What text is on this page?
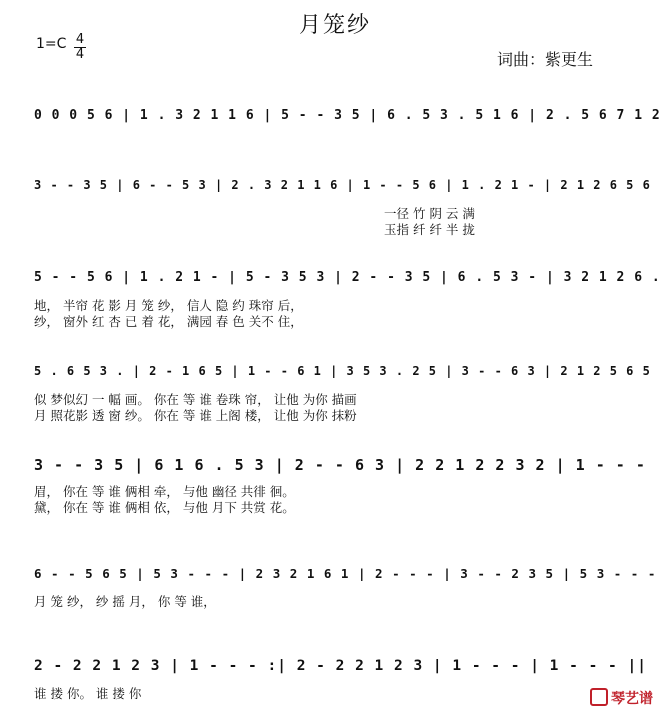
月笼纱
1=C 4
4	词曲：紫更生
0 0 0 5 6 | 1 . 3 2 1 1 6 | 5 - - 3 5 | 6 . 5 3 . 5 1 6 | 2 . 5 6 7 1 2
3 - - 3 5 | 6 - - 5 3 | 2 . 3 2 1 1 6 | 1 - - 5 6 | 1 . 2 1 - | 2 1 2 6 5 6
一径 竹 阴 云 满
玉指 纤 纤 半 拢
5 - - 5 6 | 1 . 2 1 - | 5 - 3 5 3 | 2 - - 3 5 | 6 . 5 3 - | 3 2 1 2 6 .
地， 半帘 花 影 月 笼 纱， 信人 隐 约 珠帘 后，
纱， 窗外 红 杏 已 着 花， 满园 春 色 关不 住，
5 . 6 5 3 . | 2 - 1 6 5 | 1 - - 6 1 | 3 5 3 . 2 5 | 3 - - 6 3 | 2 1 2 5 6 5
似 梦似幻 一 幅 画。 你在 等 谁 卷珠 帘， 让他 为你 描画
月 照花影 透 窗 纱。 你在 等 谁 上阁 楼， 让他 为你 抹粉
3 - - 3 5 | 6 1 6 . 5 3 | 2 - - 6 3 | 2 2 1 2 2 3 2 | 1 - - -
眉， 你在 等 谁 俩相 牵， 与他 幽径 共徘 徊。
黛， 你在 等 谁 俩相 依， 与他 月下 共赏 花。
6 - - 5 6 5 | 5 3 - - - | 2 3 2 1 6 1 | 2 - - - | 3 - - 2 3 5 | 5 3 - - -
月 笼 纱， 纱 摇 月， 你 等 谁，
2 - 2 2 1 2 3 | 1 - - - :| 2 - 2 2 1 2 3 | 1 - - - | 1 - - - ||
谁 搂 你。 谁 搂 你	琴艺谱
